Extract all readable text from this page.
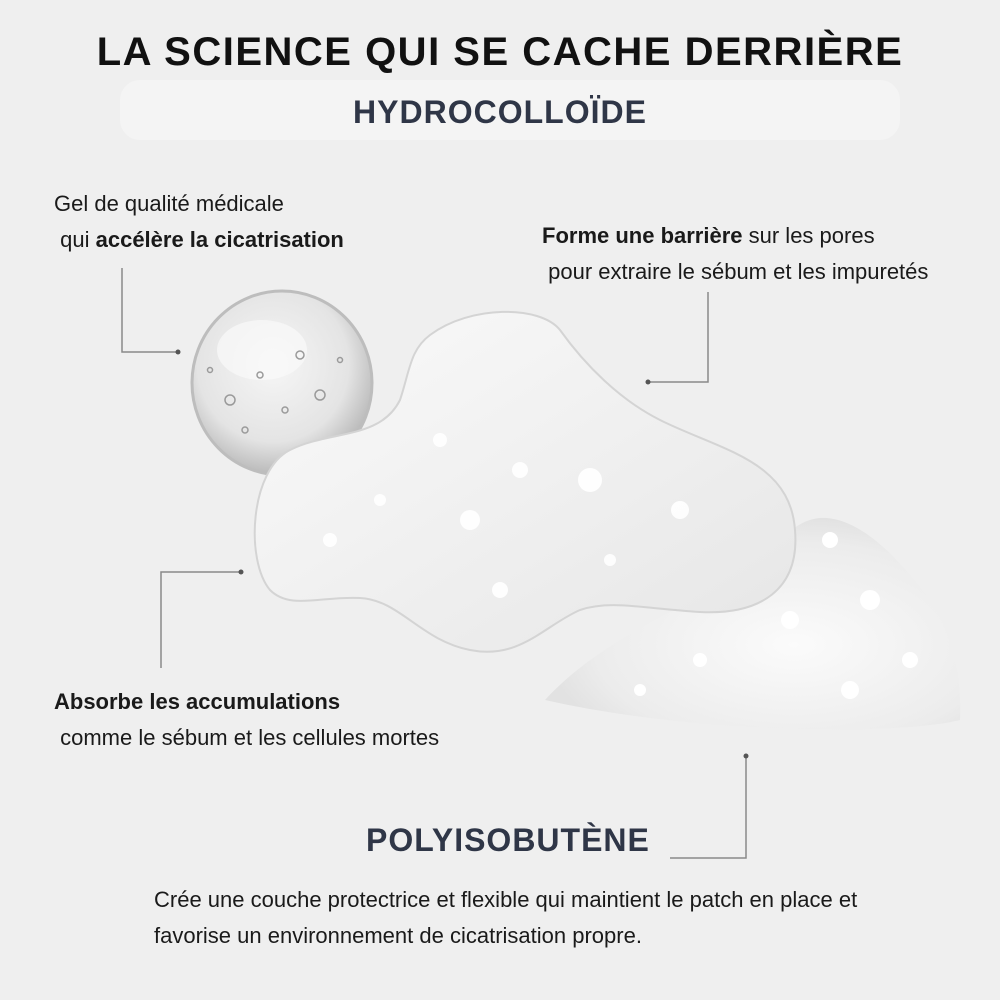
LA SCIENCE QUI SE CACHE DERRIÈRE
HYDROCOLLOÏDE
Gel de qualité médicale
qui accélère la cicatrisation	Forme une barrière sur les pores
pour extraire le sébum et les impuretés
Absorbe les accumulations
comme le sébum et les cellules mortes
POLYISOBUTÈNE

Crée une couche protectrice et flexible qui maintient le patch en place et favorise un environnement de cicatrisation propre.
